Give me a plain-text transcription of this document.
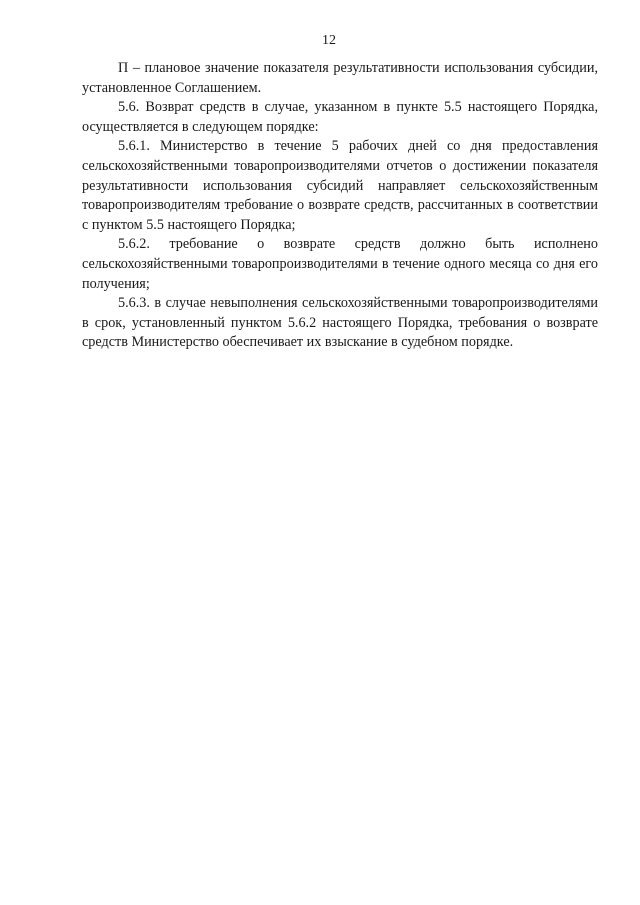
12

П – плановое значение показателя результативности использования субсидии, установленное Соглашением.

5.6. Возврат средств в случае, указанном в пункте 5.5 настоящего Порядка, осуществляется в следующем порядке:

5.6.1. Министерство в течение 5 рабочих дней со дня предоставления сельскохозяйственными товаропроизводителями отчетов о достижении показателя результативности использования субсидий направляет сельскохозяйственным товаропроизводителям требование о возврате средств, рассчитанных в соответствии с пунктом 5.5 настоящего Порядка;

5.6.2. требование о возврате средств должно быть исполнено сельскохозяйственными товаропроизводителями в течение одного месяца со дня его получения;

5.6.3. в случае невыполнения сельскохозяйственными товаропроизводителями в срок, установленный пунктом 5.6.2 настоящего Порядка, требования о возврате средств Министерство обеспечивает их взыскание в судебном порядке.
